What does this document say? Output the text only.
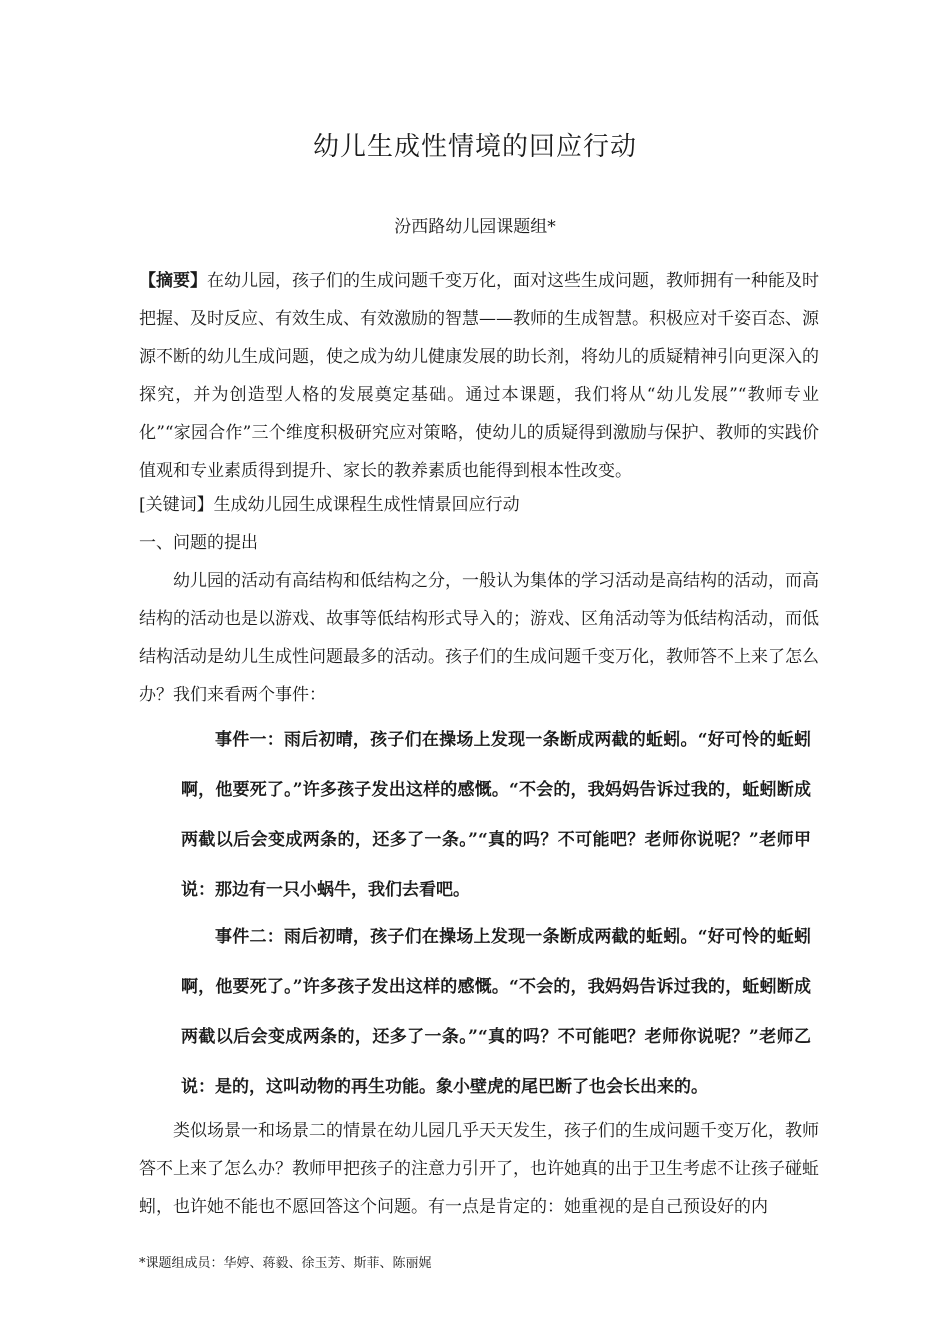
幼儿生成性情境的回应行动
汾西路幼儿园课题组*
【摘要】在幼儿园，孩子们的生成问题千变万化，面对这些生成问题，教师拥有一种能及时把握、及时反应、有效生成、有效激励的智慧——教师的生成智慧。积极应对千姿百态、源源不断的幼儿生成问题，使之成为幼儿健康发展的助长剂，将幼儿的质疑精神引向更深入的探究，并为创造型人格的发展奠定基础。通过本课题，我们将从“幼儿发展”“教师专业化”“家园合作”三个维度积极研究应对策略，使幼儿的质疑得到激励与保护、教师的实践价值观和专业素质得到提升、家长的教养素质也能得到根本性改变。
[关键词】生成幼儿园生成课程生成性情景回应行动
一、问题的提出
幼儿园的活动有高结构和低结构之分，一般认为集体的学习活动是高结构的活动，而高结构的活动也是以游戏、故事等低结构形式导入的；游戏、区角活动等为低结构活动，而低结构活动是幼儿生成性问题最多的活动。孩子们的生成问题千变万化，教师答不上来了怎么办？我们来看两个事件：
事件一：雨后初晴，孩子们在操场上发现一条断成两截的蚯蚓。“好可怜的蚯蚓啊，他要死了。”许多孩子发出这样的感慨。“不会的，我妈妈告诉过我的，蚯蚓断成两截以后会变成两条的，还多了一条。”“真的吗？不可能吧？老师你说呢？”老师甲说：那边有一只小蜗牛，我们去看吧。
事件二：雨后初晴，孩子们在操场上发现一条断成两截的蚯蚓。“好可怜的蚯蚓啊，他要死了。”许多孩子发出这样的感慨。“不会的，我妈妈告诉过我的，蚯蚓断成两截以后会变成两条的，还多了一条。”“真的吗？不可能吧？老师你说呢？”老师乙说：是的，这叫动物的再生功能。象小壁虎的尾巴断了也会长出来的。
类似场景一和场景二的情景在幼儿园几乎天天发生，孩子们的生成问题千变万化，教师答不上来了怎么办？教师甲把孩子的注意力引开了，也许她真的出于卫生考虑不让孩子碰蚯蚓，也许她不能也不愿回答这个问题。有一点是肯定的：她重视的是自己预设好的内
*课题组成员：华婷、蒋毅、徐玉芳、斯菲、陈丽娓
